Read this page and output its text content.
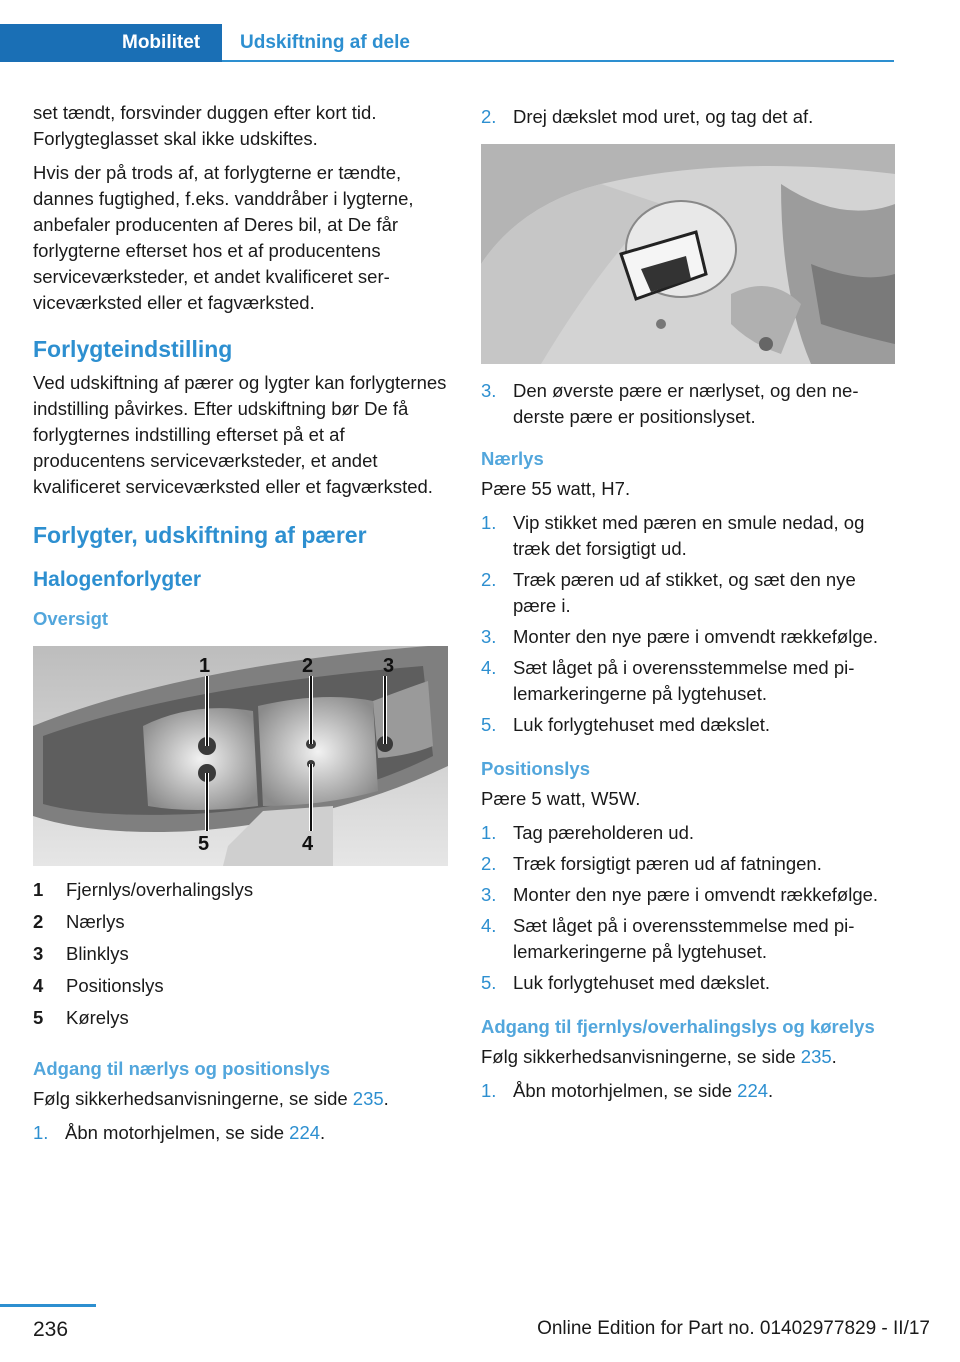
Mobilitet	Udskiftning af dele

set tændt, forsvinder duggen efter kort tid. Forlygteglasset skal ikke udskiftes.

Hvis der på trods af, at forlygterne er tændte, dannes fugtighed, f.eks. vanddråber i lygterne, anbefaler producenten af Deres bil, at De får forlygterne efterset hos et af producentens serviceværksteder, et andet kvalificeret serviceværksted eller et fagværksted.

Forlygteindstilling

Ved udskiftning af pærer og lygter kan forlygternes indstilling påvirkes. Efter udskiftning bør De få forlygternes indstilling efterset på et af producentens serviceværksteder, et andet kvalificeret serviceværksted eller et fagværksted.

Forlygter, udskiftning af pærer
Halogenforlygter
Oversigt
1	2	3
4
5
1	Fjernlys/overhalingslys
2	Nærlys
3	Blinklys
4	Positionslys
5	Kørelys
Adgang til nærlys og positionslys

Følg sikkerhedsanvisningerne, se side 235.

1. Åbn motorhjelmen, se side 224.
2. Drej dækslet mod uret, og tag det af.
3. Den øverste pære er nærlyset, og den nederste pære er positionslyset.
Nærlys

Pære 55 watt, H7.

1. Vip stikket med pæren en smule nedad, og træk det forsigtigt ud.
2. Træk pæren ud af stikket, og sæt den nye pære i.
3. Monter den nye pære i omvendt rækkefølge.
4. Sæt låget på i overensstemmelse med pilemarkeringerne på lygtehuset.
5. Luk forlygtehuset med dækslet.
Positionslys

Pære 5 watt, W5W.

1. Tag pæreholderen ud.
2. Træk forsigtigt pæren ud af fatningen.
3. Monter den nye pære i omvendt rækkefølge.
4. Sæt låget på i overensstemmelse med pilemarkeringerne på lygtehuset.
5. Luk forlygtehuset med dækslet.
Adgang til fjernlys/overhalingslys og kørelys

Følg sikkerhedsanvisningerne, se side 235.

1. Åbn motorhjelmen, se side 224.
236	Online Edition for Part no. 01402977829 - II/17
